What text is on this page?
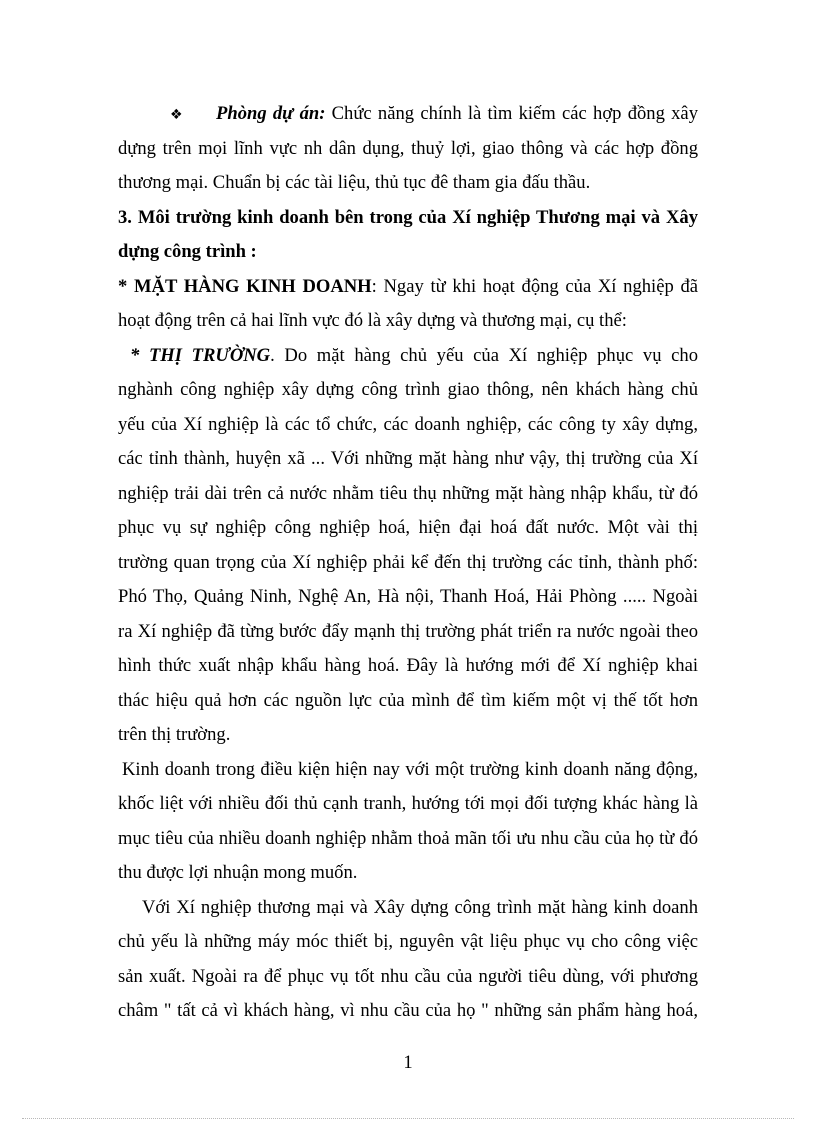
❖ Phòng dự án: Chức năng chính là tìm kiếm các hợp đồng xây
dựng trên mọi lĩnh vực nh dân dụng, thuỷ lợi, giao thông và các hợp đồng
thương mại. Chuẩn bị các tài liệu, thủ tục đê tham gia đấu thầu.
3. Môi trường kinh doanh bên trong của Xí nghiệp Thương mại và Xây
dựng công trình :
* MẶT HÀNG KINH DOANH: Ngay từ khi hoạt động của Xí nghiệp đã
hoạt động trên cả hai lĩnh vực đó là xây dựng và thương mại, cụ thể:
* THỊ TRƯỜNG. Do mặt hàng chủ yếu của Xí nghiệp phục vụ cho
nghành công nghiệp xây dựng công trình giao thông, nên khách hàng chủ
yếu của Xí nghiệp là các tổ chức, các doanh nghiệp, các công ty xây dựng,
các tỉnh thành, huyện xã ... Với những mặt hàng như vậy, thị trường của Xí
nghiệp trải dài trên cả nước nhằm tiêu thụ những mặt hàng nhập khẩu, từ đó
phục vụ sự nghiệp công nghiệp hoá, hiện đại hoá đất nước. Một vài thị
trường quan trọng của Xí nghiệp phải kể đến thị trường các tỉnh, thành phố:
Phó Thọ, Quảng Ninh, Nghệ An, Hà nội, Thanh Hoá, Hải Phòng ..... Ngoài
ra Xí nghiệp đã từng bước đẩy mạnh thị trường phát triển ra nước ngoài theo
hình thức xuất nhập khẩu hàng hoá. Đây là hướng mới để Xí nghiệp khai
thác hiệu quả hơn các nguồn lực của mình để tìm kiếm một vị thế tốt hơn
trên thị trường.
Kinh doanh trong điều kiện hiện nay với một trường kinh doanh năng động,
khốc liệt với nhiều đối thủ cạnh tranh, hướng tới mọi đối tượng khác hàng là
mục tiêu của nhiều doanh nghiệp nhằm thoả mãn tối ưu nhu cầu của họ từ đó
thu được lợi nhuận mong muốn.
Với Xí nghiệp thương mại và Xây dựng công trình mặt hàng kinh doanh
chủ yếu là những máy móc thiết bị, nguyên vật liệu phục vụ cho công việc
sản xuất. Ngoài ra để phục vụ tốt nhu cầu của người tiêu dùng, với phương
châm " tất cả vì khách hàng, vì nhu cầu của họ " những sản phẩm hàng hoá,
1
